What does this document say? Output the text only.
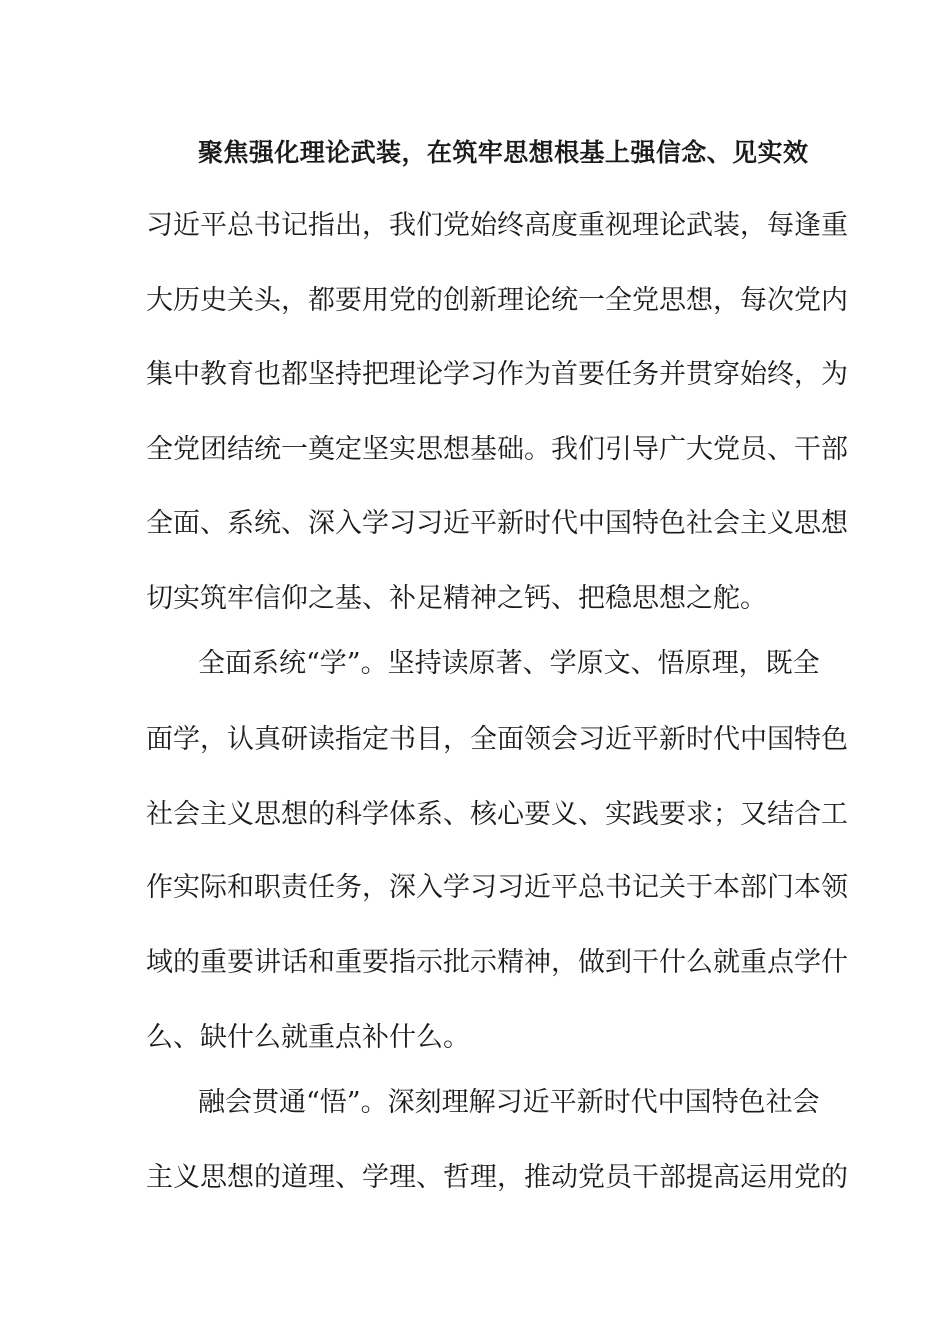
聚焦强化理论武装，在筑牢思想根基上强信念、见实效
习近平总书记指出，我们党始终高度重视理论武装，每逢重
大历史关头，都要用党的创新理论统一全党思想，每次党内
集中教育也都坚持把理论学习作为首要任务并贯穿始终，为
全党团结统一奠定坚实思想基础。我们引导广大党员、干部
全面、系统、深入学习习近平新时代中国特色社会主义思想
切实筑牢信仰之基、补足精神之钙、把稳思想之舵。
全面系统“学”。坚持读原著、学原文、悟原理，既全
面学，认真研读指定书目，全面领会习近平新时代中国特色
社会主义思想的科学体系、核心要义、实践要求；又结合工
作实际和职责任务，深入学习习近平总书记关于本部门本领
域的重要讲话和重要指示批示精神，做到干什么就重点学什
么、缺什么就重点补什么。
融会贯通“悟”。深刻理解习近平新时代中国特色社会
主义思想的道理、学理、哲理，推动党员干部提高运用党的
